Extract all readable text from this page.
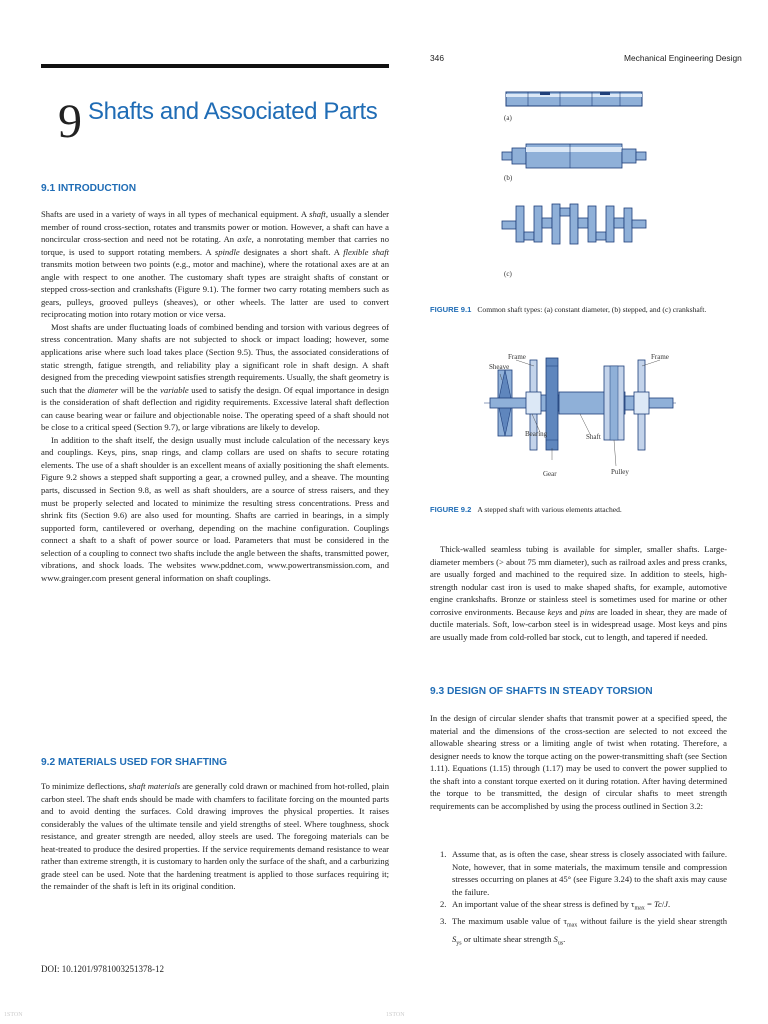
346	Mechanical Engineering Design
9 Shafts and Associated Parts
9.1 INTRODUCTION

Shafts are used in a variety of ways in all types of mechanical equipment. A shaft, usually a slender member of round cross-section, rotates and transmits power or motion. However, a shaft can have a noncircular cross-section and need not be rotating. An axle, a nonrotating member that carries no torque, is used to support rotating members. A spindle designates a short shaft. A flexible shaft transmits motion between two points (e.g., motor and machine), where the rotational axes are at an angle with respect to one another. The customary shaft types are straight shafts of constant or stepped cross-section and crankshafts (Figure 9.1). The former two carry rotating members such as gears, pulleys, grooved pulleys (sheaves), or other wheels. The latter are used to convert reciprocating motion into rotary motion or vice versa.

Most shafts are under fluctuating loads of combined bending and torsion with various degrees of stress concentration. Many shafts are not subjected to shock or impact loading; however, some applications arise where such load takes place (Section 9.5). Thus, the associated considerations of static strength, fatigue strength, and reliability play a significant role in shaft design. A shaft designed from the preceding viewpoint satisfies strength requirements. Usually, the shaft geometry is such that the diameter will be the variable used to satisfy the design. Of equal importance in design is the consideration of shaft deflection and rigidity requirements. Excessive lateral shaft deflection can cause bearing wear or failure and objectionable noise. The operating speed of a shaft should not be close to a critical speed (Section 9.7), or large vibrations are likely to develop.

In addition to the shaft itself, the design usually must include calculation of the necessary keys and couplings. Keys, pins, snap rings, and clamp collars are used on shafts to secure rotating elements. The use of a shaft shoulder is an excellent means of axially positioning the shaft elements. Figure 9.2 shows a stepped shaft supporting a gear, a crowned pulley, and a sheave. The mounting parts, discussed in Section 9.8, as well as shaft shoulders, are a source of stress raisers, and they must be properly selected and located to minimize the resulting stress concentrations. Press and shrink fits (Section 9.6) are also used for mounting. Shafts are carried in bearings, in a simply supported form, cantilevered or overhang, depending on the machine configuration. Couplings connect a shaft to a shaft of power source or load. Parameters that must be considered in the selection of a coupling to connect two shafts include the angle between the shafts, transmitted power, vibrations, and shock loads. The websites www.pddnet.com, www.powertransmission.com, and www.grainger.com present general information on shaft couplings.

9.2 MATERIALS USED FOR SHAFTING

To minimize deflections, shaft materials are generally cold drawn or machined from hot-rolled, plain carbon steel. The shaft ends should be made with chamfers to facilitate forcing on the mounted parts and to avoid denting the surfaces. Cold drawing improves the physical properties. It raises considerably the values of the ultimate tensile and yield strengths of steel. Where toughness, shock resistance, and greater strength are needed, alloy steels are used. The foregoing materials can be heat-treated to produce the desired properties. If the service requirements demand resistance to wear rather than extreme strength, it is customary to harden only the surface of the shaft, and a carburizing grade steel can be used. Note that the hardening treatment is applied to those surfaces requiring it; the remainder of the shaft is left in its original condition.

DOI: 10.1201/9781003251378-12
1STON	1STON
(a)
(b)
(c)
FIGURE 9.1 Common shaft types: (a) constant diameter, (b) stepped, and (c) crankshaft.
Frame	Frame
Sheave
Bearing	Shaft
Gear	Pulley
FIGURE 9.2 A stepped shaft with various elements attached.

Thick-walled seamless tubing is available for simpler, smaller shafts. Large-diameter members (> about 75 mm diameter), such as railroad axles and press cranks, are usually forged and machined to the required size. In addition to steels, high-strength nodular cast iron is used to make shaped shafts, for example, automotive engine crankshafts. Bronze or stainless steel is sometimes used for marine or other corrosive environments. Because keys and pins are loaded in shear, they are made of ductile materials. Soft, low-carbon steel is in widespread usage. Most keys and pins are usually made from cold-rolled bar stock, cut to length, and tapered if needed.

9.3 DESIGN OF SHAFTS IN STEADY TORSION

In the design of circular slender shafts that transmit power at a specified speed, the material and the dimensions of the cross-section are selected to not exceed the allowable shearing stress or a limiting angle of twist when rotating. Therefore, a designer needs to know the torque acting on the power-transmitting shaft (see Section 1.11). Equations (1.15) through (1.17) may be used to convert the power supplied to the shaft into a constant torque exerted on it during rotation. After having determined the torque to be transmitted, the design of circular shafts to meet strength requirements can be accomplished by using the process outlined in Section 3.2:

1. Assume that, as is often the case, shear stress is closely associated with failure. Note, however, that in some materials, the maximum tensile and compression stresses occurring on planes at 45° (see Figure 3.24) to the shaft axis may cause the failure.
2. An important value of the shear stress is defined by $\tau_{max} = Tc/J$.
3. The maximum usable value of $\tau_{max}$ without failure is the yield shear strength $S_{ys}$ or ultimate shear strength $S_{us}$.
